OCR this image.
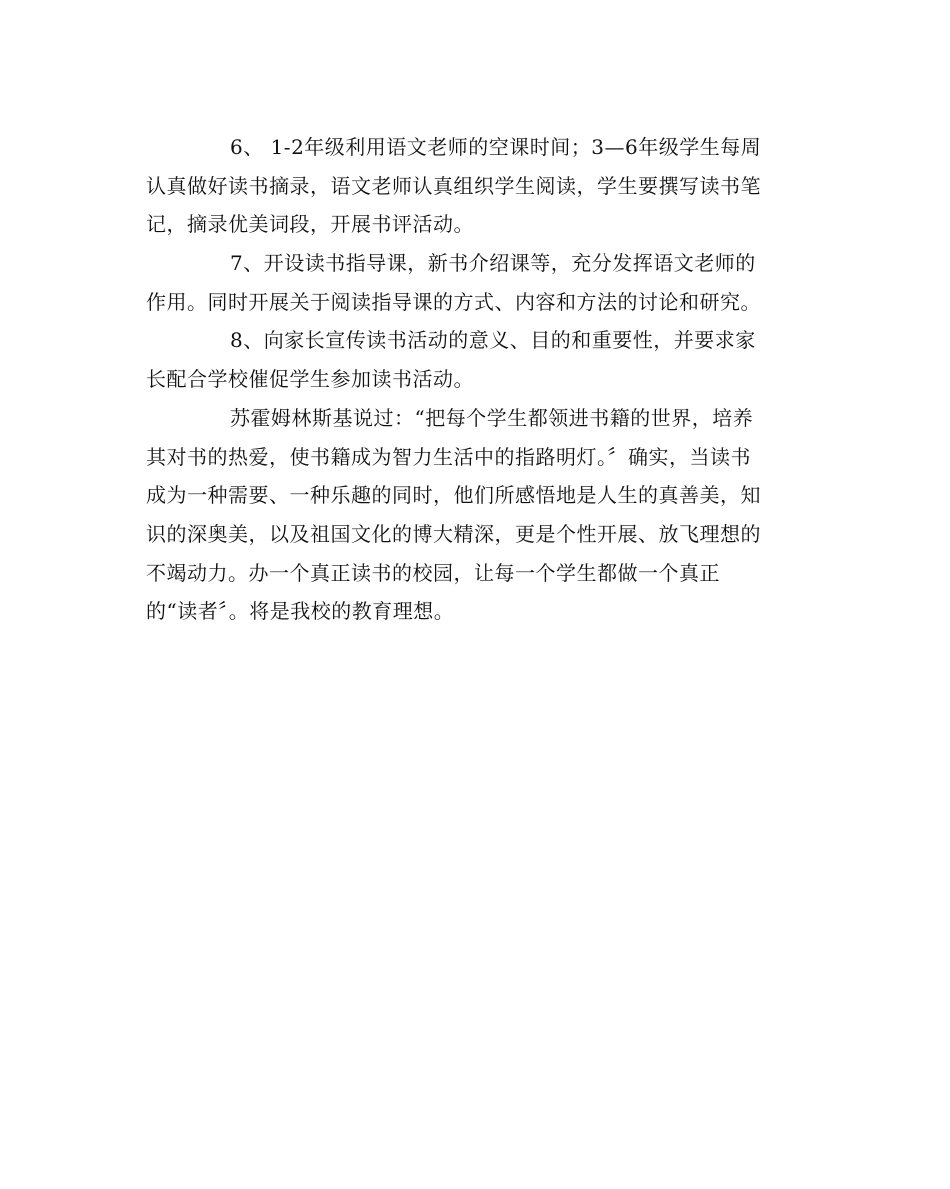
6、 1-2年级利用语文老师的空课时间；3—6年级学生每周
认真做好读书摘录，语文老师认真组织学生阅读，学生要撰写读书笔
记，摘录优美词段，开展书评活动。
7、开设读书指导课，新书介绍课等，充分发挥语文老师的
作用。同时开展关于阅读指导课的方式、内容和方法的讨论和研究。
8、向家长宣传读书活动的意义、目的和重要性，并要求家
长配合学校催促学生参加读书活动。
苏霍姆林斯基说过：“把每个学生都领进书籍的世界，培养
其对书的热爱，使书籍成为智力生活中的指路明灯。〞确实，当读书
成为一种需要、一种乐趣的同时，他们所感悟地是人生的真善美，知
识的深奥美，以及祖国文化的博大精深，更是个性开展、放飞理想的
不竭动力。办一个真正读书的校园，让每一个学生都做一个真正
的“读者〞。将是我校的教育理想。
